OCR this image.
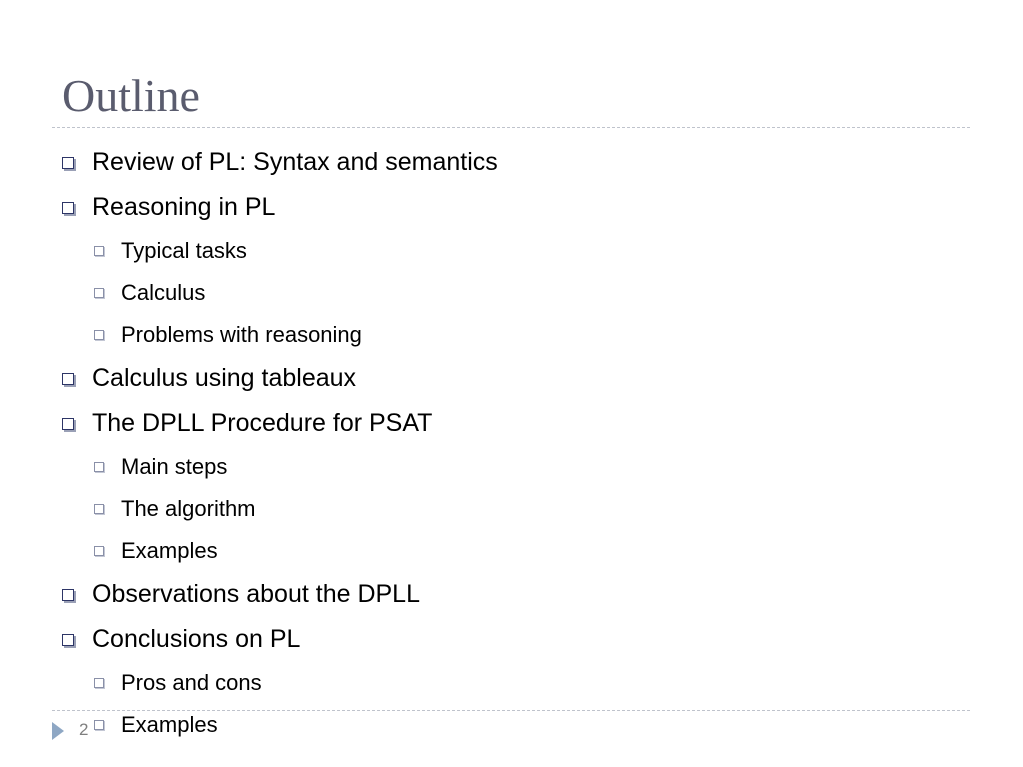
Outline
Review of PL: Syntax and semantics
Reasoning in PL
Typical tasks
Calculus
Problems with reasoning
Calculus using tableaux
The DPLL Procedure for PSAT
Main steps
The algorithm
Examples
Observations about the DPLL
Conclusions on PL
Pros and cons
Examples
2
